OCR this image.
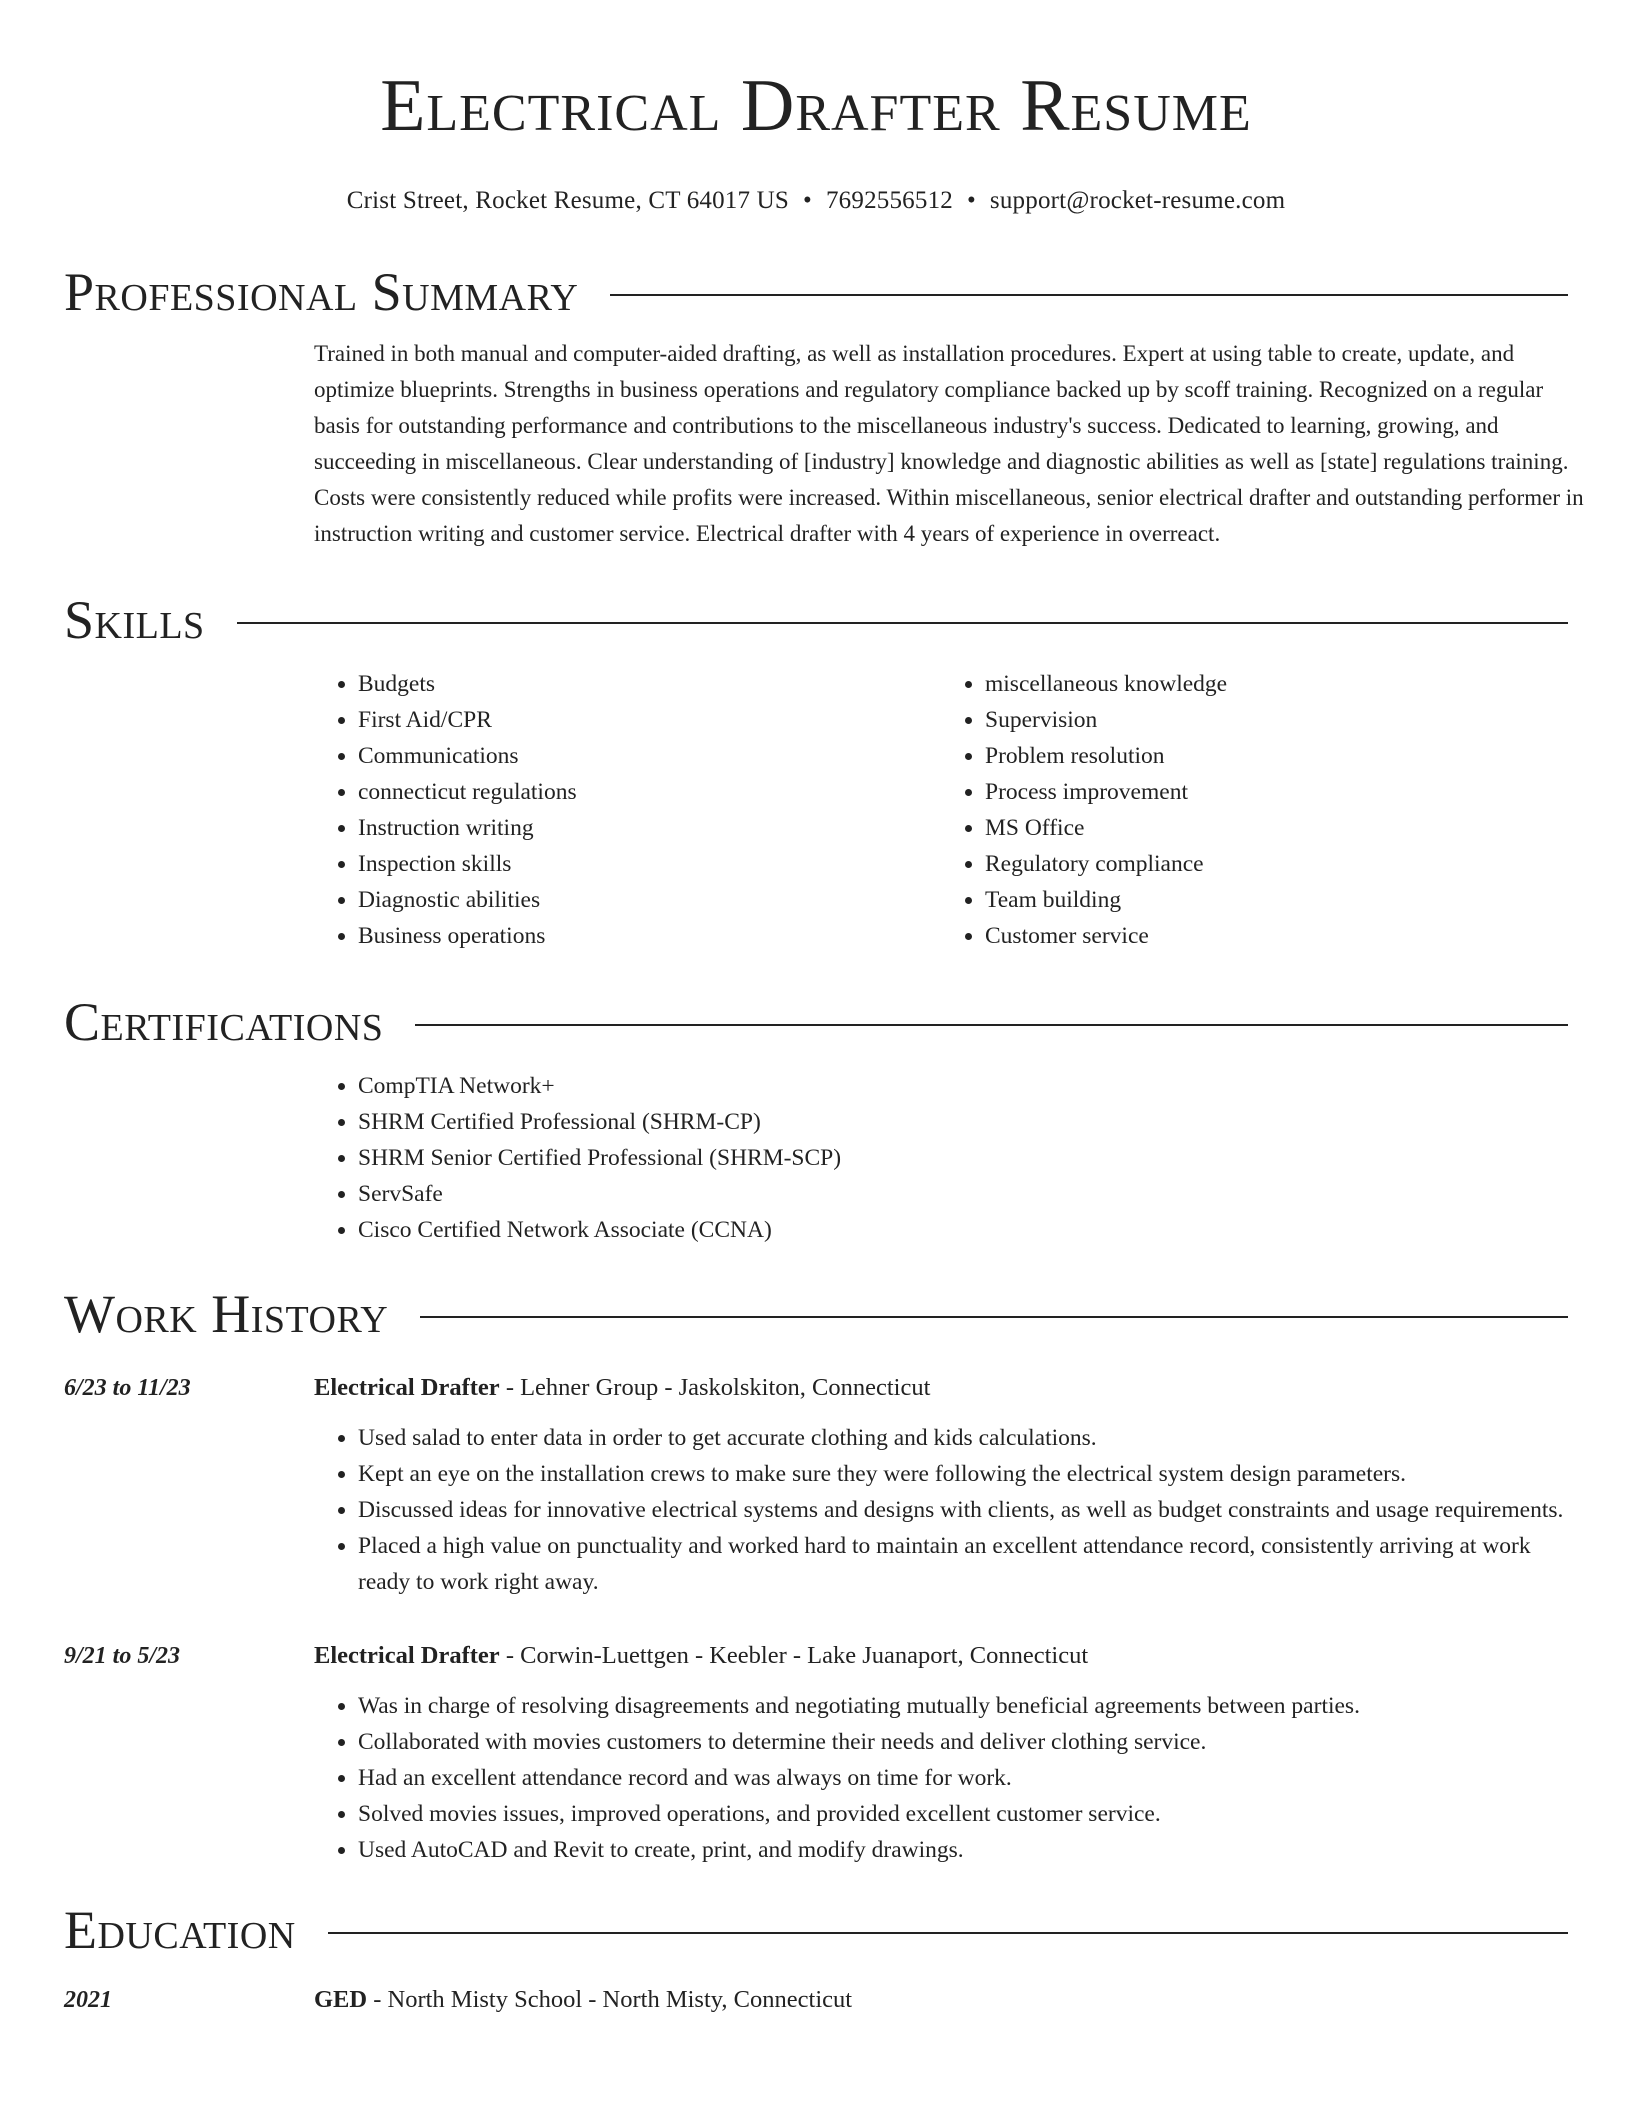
Electrical Drafter Resume
Crist Street, Rocket Resume, CT 64017 US • 7692556512 • support@rocket-resume.com
Professional Summary

Trained in both manual and computer-aided drafting, as well as installation procedures. Expert at using table to create, update, and optimize blueprints. Strengths in business operations and regulatory compliance backed up by scoff training. Recognized on a regular basis for outstanding performance and contributions to the miscellaneous industry's success. Dedicated to learning, growing, and succeeding in miscellaneous. Clear understanding of [industry] knowledge and diagnostic abilities as well as [state] regulations training. Costs were consistently reduced while profits were increased. Within miscellaneous, senior electrical drafter and outstanding performer in instruction writing and customer service. Electrical drafter with 4 years of experience in overreact.

Skills
• Budgets
• First Aid/CPR
• Communications
• connecticut regulations
• Instruction writing
• Inspection skills
• Diagnostic abilities
• Business operations
• miscellaneous knowledge
• Supervision
• Problem resolution
• Process improvement
• MS Office
• Regulatory compliance
• Team building
• Customer service
Certifications
• CompTIA Network+
• SHRM Certified Professional (SHRM-CP)
• SHRM Senior Certified Professional (SHRM-SCP)
• ServSafe
• Cisco Certified Network Associate (CCNA)
Work History
6/23 to 11/23	Electrical Drafter - Lehner Group - Jaskolskiton, Connecticut
• Used salad to enter data in order to get accurate clothing and kids calculations.
• Kept an eye on the installation crews to make sure they were following the electrical system design parameters.
• Discussed ideas for innovative electrical systems and designs with clients, as well as budget constraints and usage requirements.
• Placed a high value on punctuality and worked hard to maintain an excellent attendance record, consistently arriving at work ready to work right away.
9/21 to 5/23	Electrical Drafter - Corwin-Luettgen - Keebler - Lake Juanaport, Connecticut
• Was in charge of resolving disagreements and negotiating mutually beneficial agreements between parties.
• Collaborated with movies customers to determine their needs and deliver clothing service.
• Had an excellent attendance record and was always on time for work.
• Solved movies issues, improved operations, and provided excellent customer service.
• Used AutoCAD and Revit to create, print, and modify drawings.
Education
2021	GED - North Misty School - North Misty, Connecticut
